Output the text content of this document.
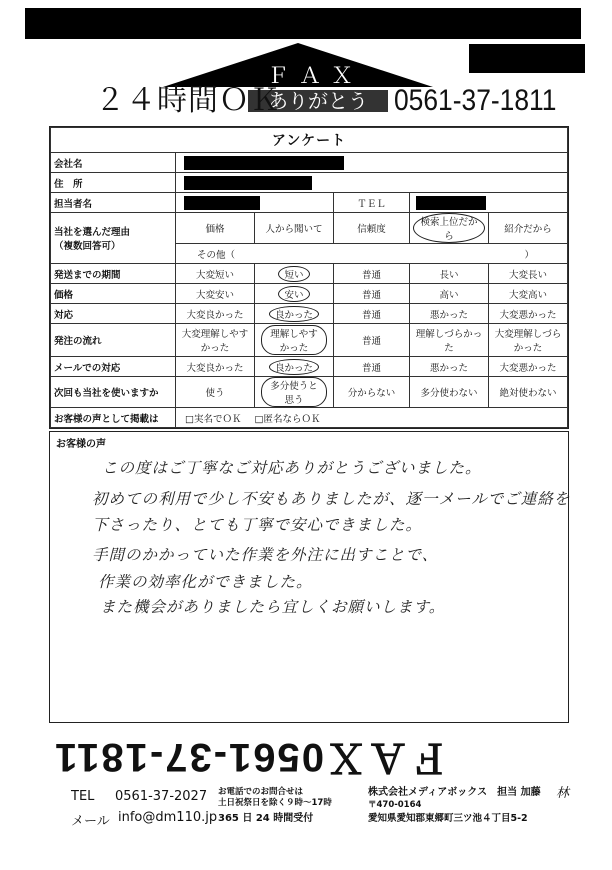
ＦＡＸ
ありがとう
２４時間ＯＫ	0561-37-1811
アンケート					
会社名					

住　所					

担当者名			ＴＥＬ		

当社を選んだ理由
（複数回答可）	価格	人から聞いて	信頼度	検索上位だから	紹介だから
	その他（ ）				

発送までの期間	大変短い	短い	普通	長い	大変長い
価格	大変安い	安い	普通	高い	大変高い
対応	大変良かった	良かった	普通	悪かった	大変悪かった
発注の流れ	大変理解しやすかった	理解しやすかった	普通	理解しづらかった	大変理解しづらかった
メールでの対応	大変良かった	良かった	普通	悪かった	大変悪かった
次回も当社を使いますか	使う	多分使うと思う	分からない	多分使わない	絶対使わない
お客様の声として掲載は	□実名でＯＫ □匿名ならＯＫ				
お客様の声
この度はご丁寧なご対応ありがとうございました。
初めての利用で少し不安もありましたが、逐一メールでご連絡を
下さったり、とても丁寧で安心できました。
手間のかかっていた作業を外注に出すことで、
作業の効率化ができました。
また機会がありましたら宜しくお願いします。
ＦＡＸ0561-37-1811
TEL 0561-37-2027 お電話でのお問合せは
土日祝祭日を除く９時〜17時
メール info@dm110.jp 365 日 24 時間受付
株式会社メディアボックス　担当 加藤 林
〒470-0164
愛知県愛知郡東郷町三ツ池４丁目5-2
